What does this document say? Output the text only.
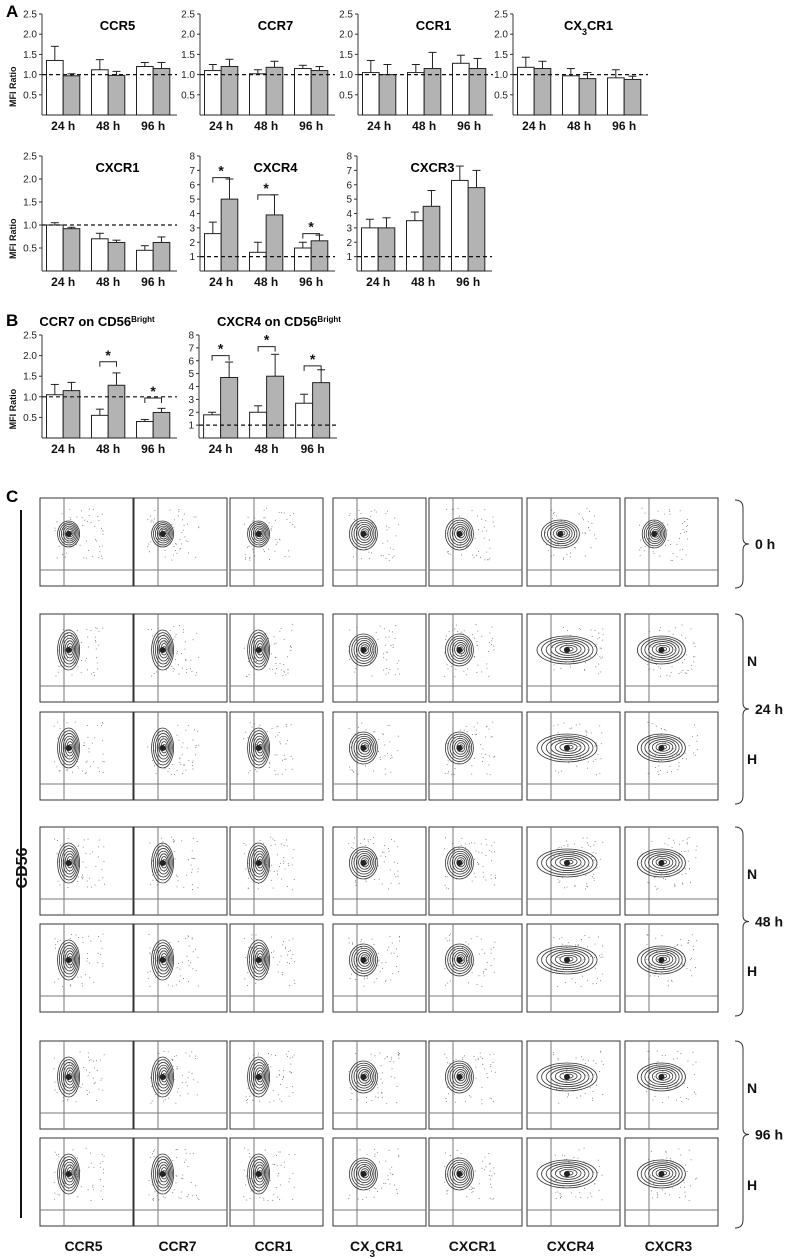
A
B
C
CCR5
0.5
1.0
1.5
2.0
2.5
MFI Ratio
24 h 48 h 96 h
CCR7
0.5
1.0
1.5
2.0
2.5
24 h 48 h 96 h
CCR1
0.5
1.0
1.5
2.0
2.5
24 h 48 h 96 h
$CX_3CR1$
0.5
1.0
1.5
2.0
2.5
24 h 48 h 96 h
CXCR1
0.5
1.0
1.5
2.0
2.5
MFI Ratio
24 h 48 h 96 h
CXCR4
1
2
3
4
5
6
7
8
24 h 48 h 96 h
*
*
*
CXCR3
1
2
3
4
5
6
7
8
24 h 48 h 96 h
CCR7 on $CD56^{Bright}$
0.5
1.0
1.5
2.0
2.5
MFI Ratio
24 h 48 h 96 h
*
*
CXCR4 on $CD56^{Bright}$
1
2
3
4
5
6
7
8
24 h 48 h 96 h
*
*
*
CD56
N
H
N
H
N
H
0 h
24 h
48 h
96 h
CCR5	CCR7	CCR1	$CX_3CR1$	CXCR1	CXCR4	CXCR3
